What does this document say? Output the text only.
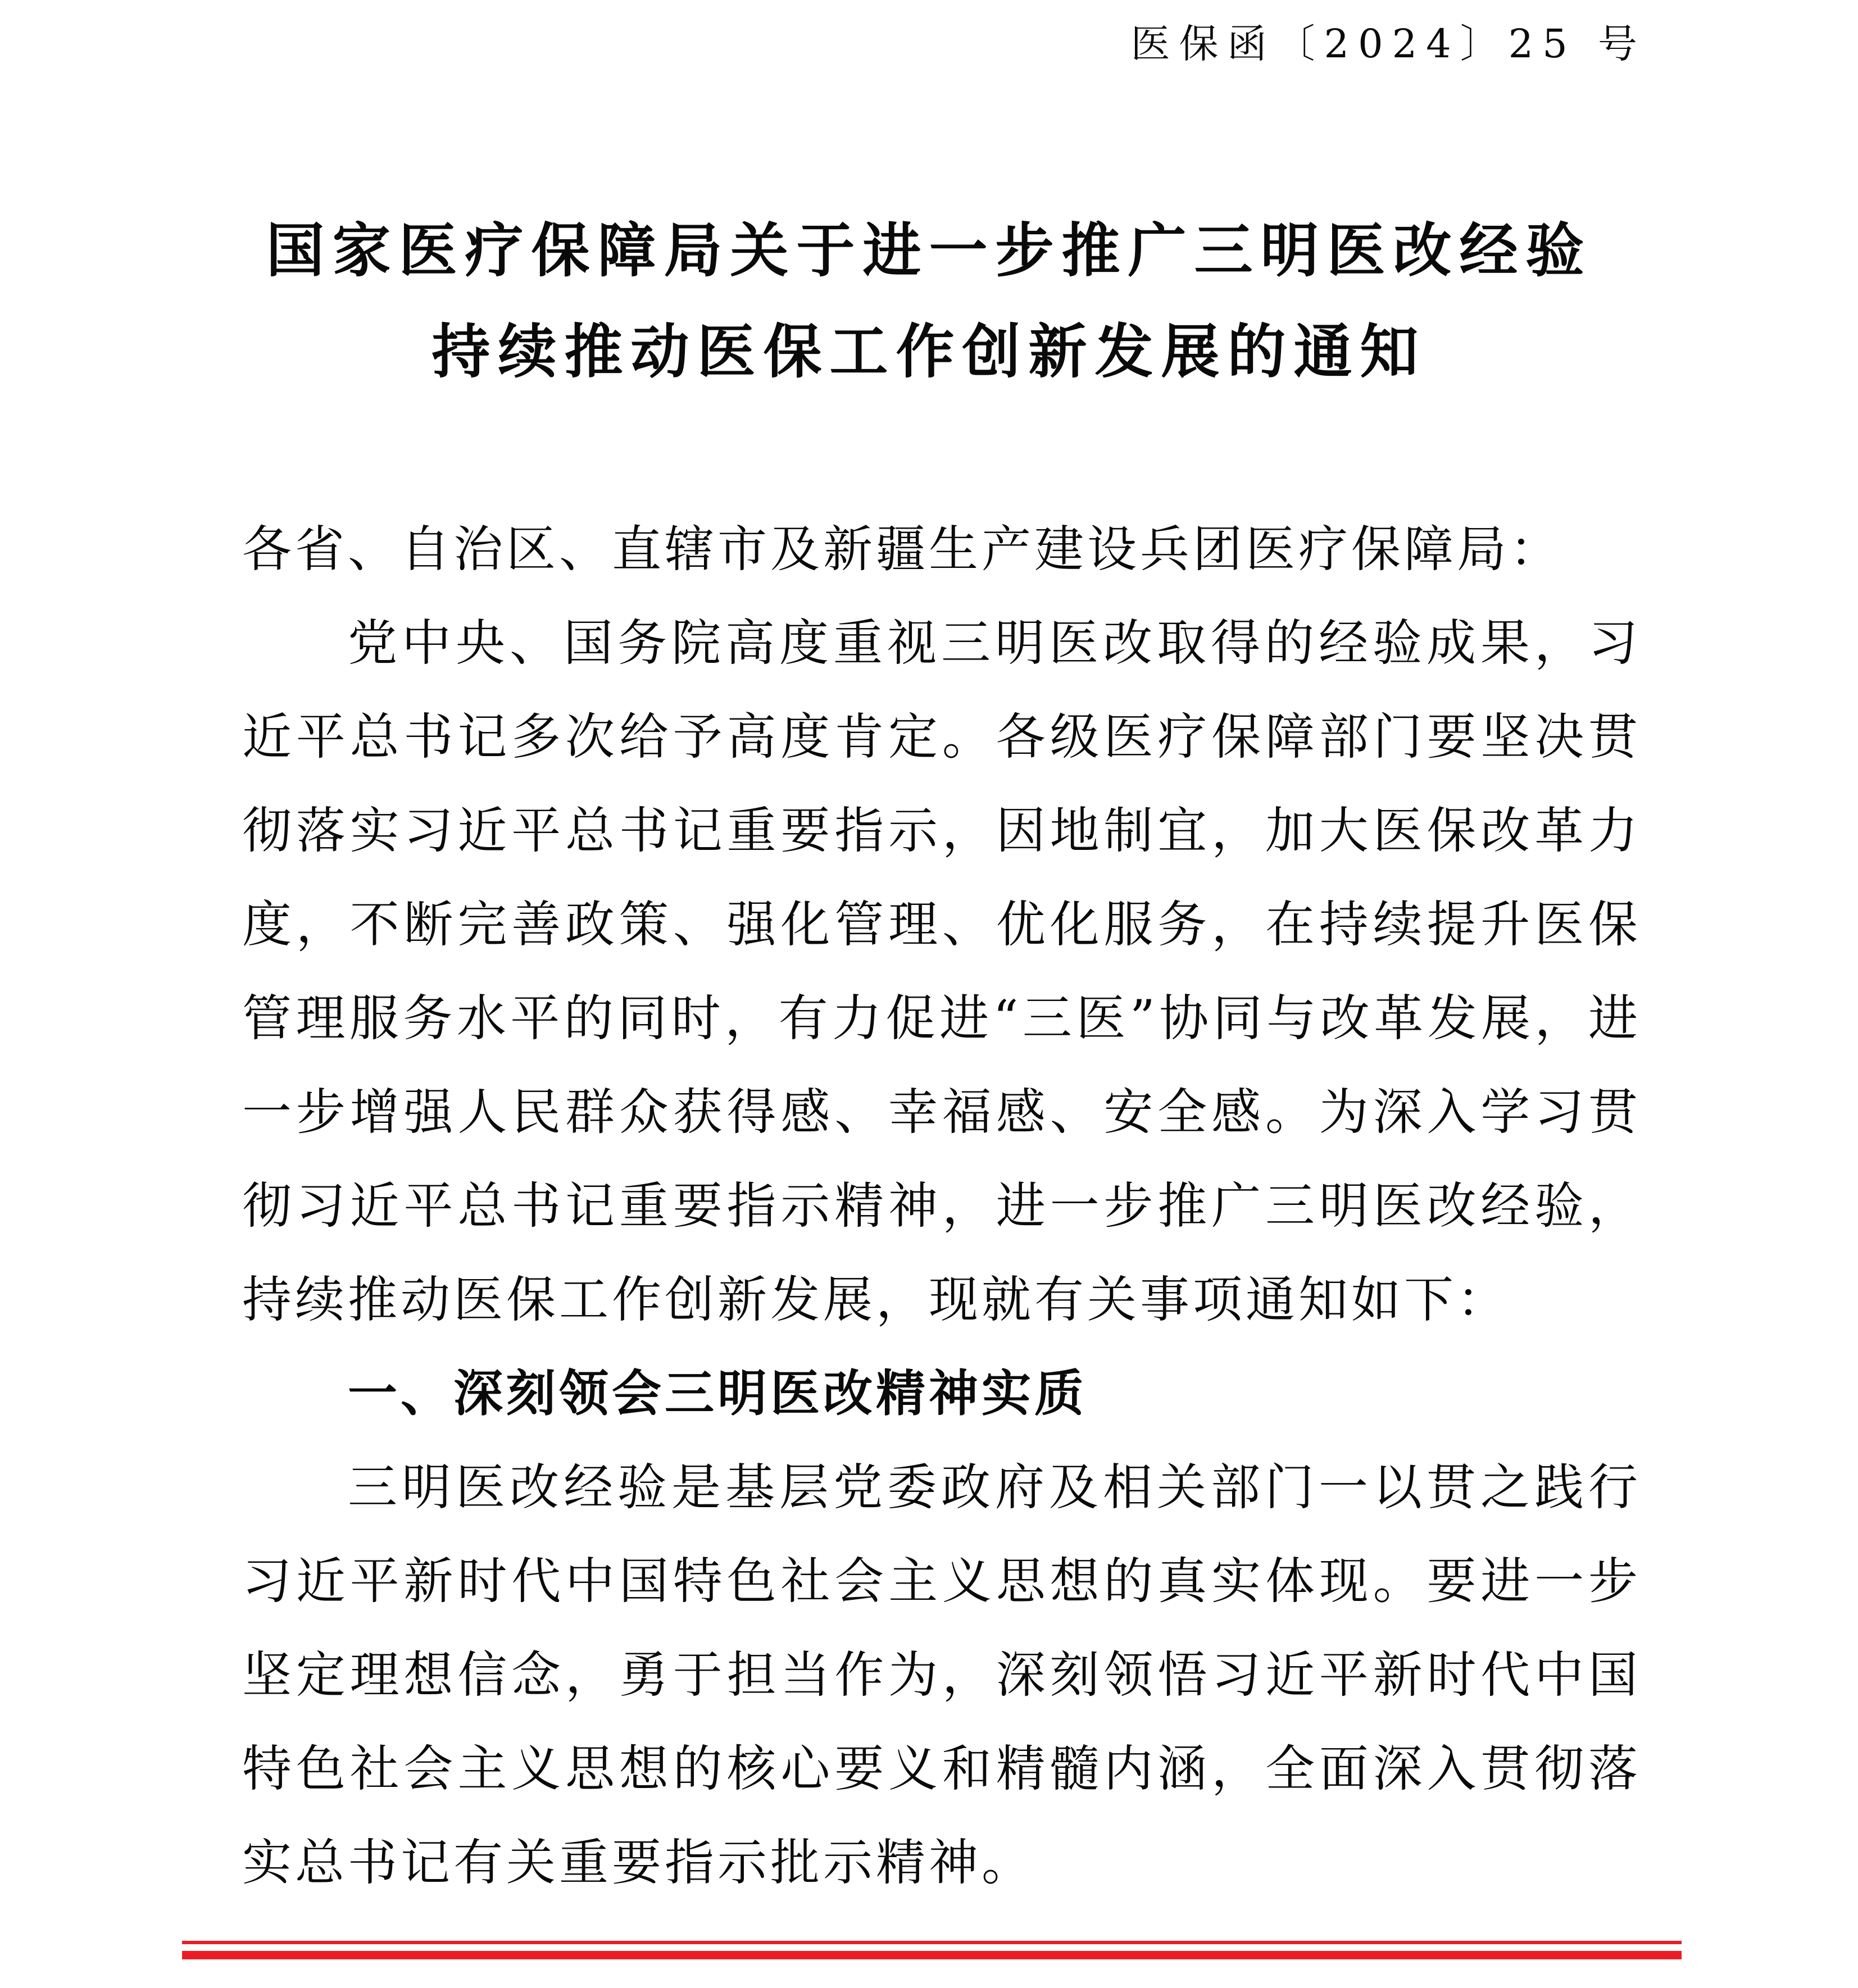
医保函〔2024〕25 号
国家医疗保障局关于进一步推广三明医改经验
持续推动医保工作创新发展的通知

各省、自治区、直辖市及新疆生产建设兵团医疗保障局：

党中央、国务院高度重视三明医改取得的经验成果，习近平总书记多次给予高度肯定。各级医疗保障部门要坚决贯彻落实习近平总书记重要指示，因地制宜，加大医保改革力度，不断完善政策、强化管理、优化服务，在持续提升医保管理服务水平的同时，有力促进“三医”协同与改革发展，进一步增强人民群众获得感、幸福感、安全感。为深入学习贯彻习近平总书记重要指示精神，进一步推广三明医改经验，持续推动医保工作创新发展，现就有关事项通知如下：

一、深刻领会三明医改精神实质

三明医改经验是基层党委政府及相关部门一以贯之践行习近平新时代中国特色社会主义思想的真实体现。要进一步坚定理想信念，勇于担当作为，深刻领悟习近平新时代中国特色社会主义思想的核心要义和精髓内涵，全面深入贯彻落实总书记有关重要指示批示精神。
